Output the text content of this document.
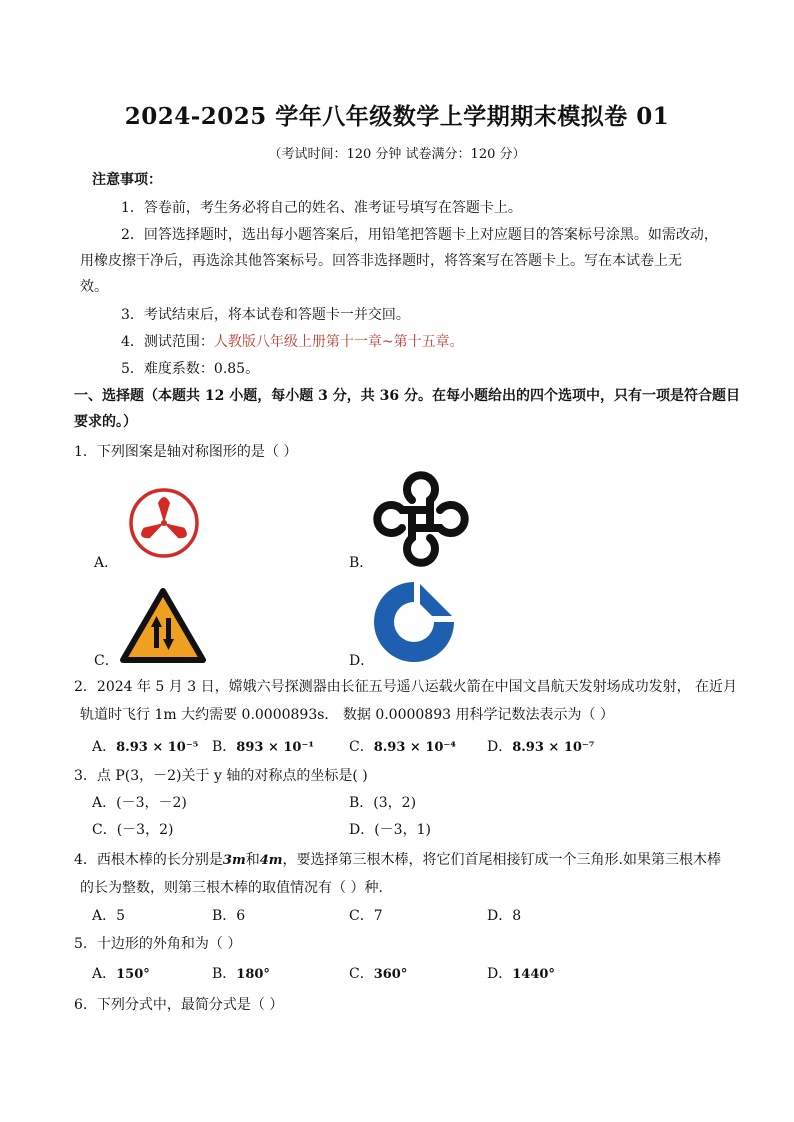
2024-2025 学年八年级数学上学期期末模拟卷 01
（考试时间：120 分钟 试卷满分：120 分）
注意事项：
1．答卷前，考生务必将自己的姓名、准考证号填写在答题卡上。
2．回答选择题时，选出每小题答案后，用铅笔把答题卡上对应题目的答案标号涂黑。如需改动，
用橡皮擦干净后，再选涂其他答案标号。回答非选择题时，将答案写在答题卡上。写在本试卷上无
效。
3．考试结束后，将本试卷和答题卡一并交回。
4．测试范围：人教版八年级上册第十一章~第十五章。
5．难度系数：0.85。
一、选择题（本题共 12 小题，每小题 3 分，共 36 分。在每小题给出的四个选项中，只有一项是符合题目
要求的。）
1．下列图案是轴对称图形的是（ ）
A．	B．
C．	D．
2．2024 年 5 月 3 日，嫦娥六号探测器由长征五号遥八运载火箭在中国文昌航天发射场成功发射， 在近月
轨道时飞行 1m 大约需要 0.0000893s． 数据 0.0000893 用科学记数法表示为（ ）
A．8.93 × 10⁻⁵ B．893 × 10⁻¹ C．8.93 × 10⁻⁴ D．8.93 × 10⁻⁷
3．点 P(3，－2)关于 y 轴的对称点的坐标是( )
A．(－3，－2)	B．(3，2)
C．(－3，2)	D．(－3，1)
4．西根木棒的长分别是3m和4m，要选择第三根木棒，将它们首尾相接钉成一个三角形.如果第三根木棒
的长为整数，则第三根木棒的取值情况有（ ）种.
A．5	B．6	C．7	D．8
5．十边形的外角和为（ ）
A．150°	B．180°	C．360°	D．1440°
6．下列分式中，最简分式是（ ）
